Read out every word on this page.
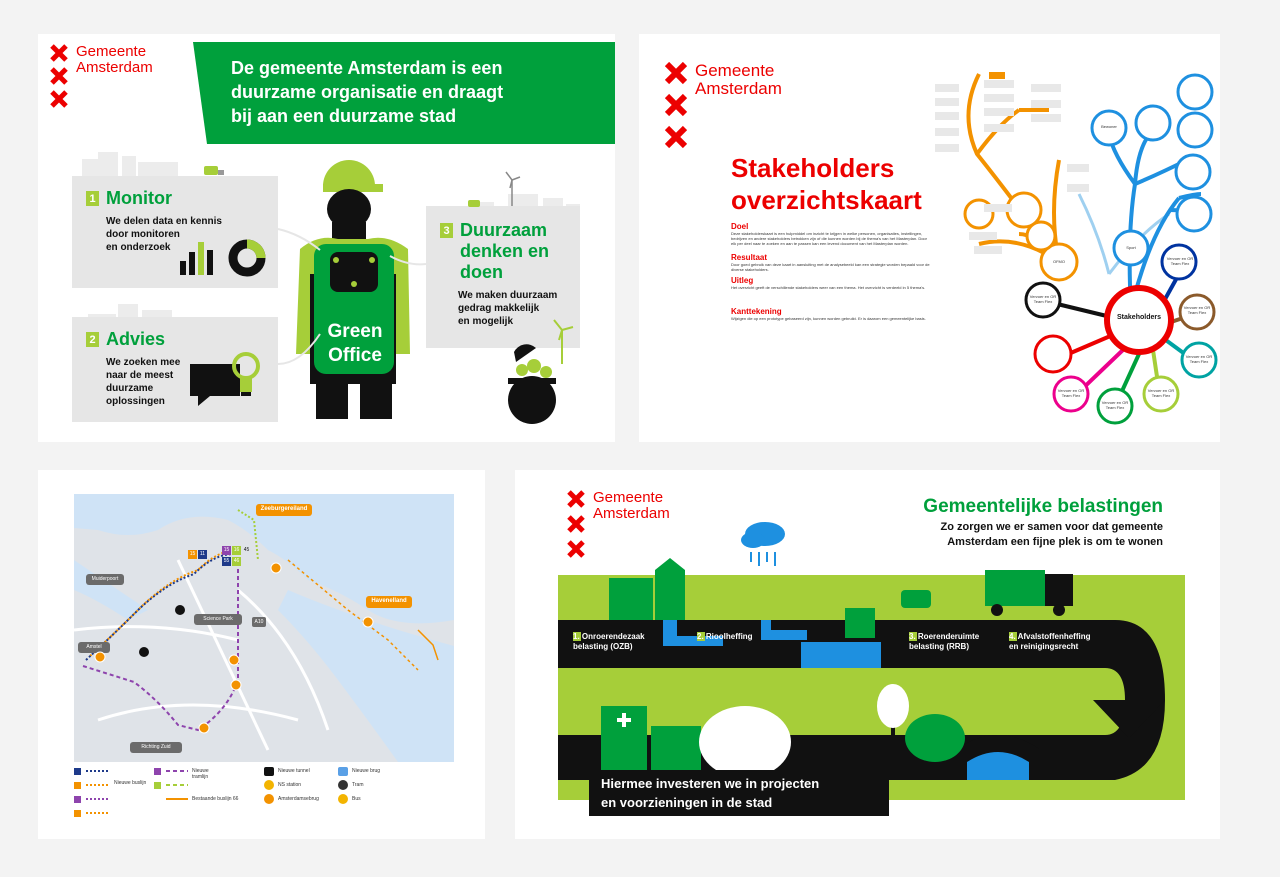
Gemeente
Amsterdam	De gemeente Amsterdam is een
duurzame organisatie en draagt
bij aan een duurzame stad
1 Monitor
We delen data en kennis
door monitoren
en onderzoek
2 Advies
We zoeken mee
naar de meest
duurzame
oplossingen
3 Duurzaam
denken en
doen
We maken duurzaam
gedrag makkelijk
en mogelijk
Green
Office
Gemeente
Amsterdam
Stakeholders
overzichtskaart
Doel
Deze stakeholderskaart is een hulpmiddel om inzicht te krijgen in welke personen, organisaties, instellingen, bedrijven en andere stakeholders betrokken zijn of die kunnen worden bij de thema's van het Masterplan. Door elk per deel naar te zoeken en aan te passen kan een levend document van het Masterplan worden.
Resultaat
Door goed gebruik van deze kaart in aansluiting met de analysebeeld kan een strategie worden bepaald voor de diverse stakeholders.
Uitleg
Het overzicht geeft de verschillende stakeholders weer van een thema. Het overzicht is verdeeld in 5 thema's.
Kanttekening
Wijzigen die op een prototype gebaseerd zijn, kunnen worden gebruikt. Er is daarom een gemeentelijke basis.	Stakeholders
Sport
OFMO
Bewoner
Vervoer en OR Team Flex
Vervoer en OR Team Flex
Vervoer en OR Team Flex
Vervoer en OR Team Flex
Vervoer en OR Team Flex
Vervoer en OR Team Flex
Vervoer en OR Team Flex
Zeeburgereiland
Havenelland
Muiderpoort
Science Park
Amstel
Richting Zuid
A10
15 11
15 16 45
55 46
Nieuwe buslijn
Nieuwe tramlijn
Bestaande buslijn 66
Nieuwe tunnel
NS station
Amsterdamsebrug
Nieuwe brug
Tram
Bus
Gemeente
Amsterdam	Gemeentelijke belastingen
Zo zorgen we er samen voor dat gemeente
Amsterdam een fijne plek is om te wonen
1. Onroerendezaak
belasting (OZB)
2. Rioolheffing	3. Roerenderuimte
belasting (RRB)
4. Afvalstoffenheffing
en reinigingsrecht
Hiermee investeren we in projecten
en voorzieningen in de stad
